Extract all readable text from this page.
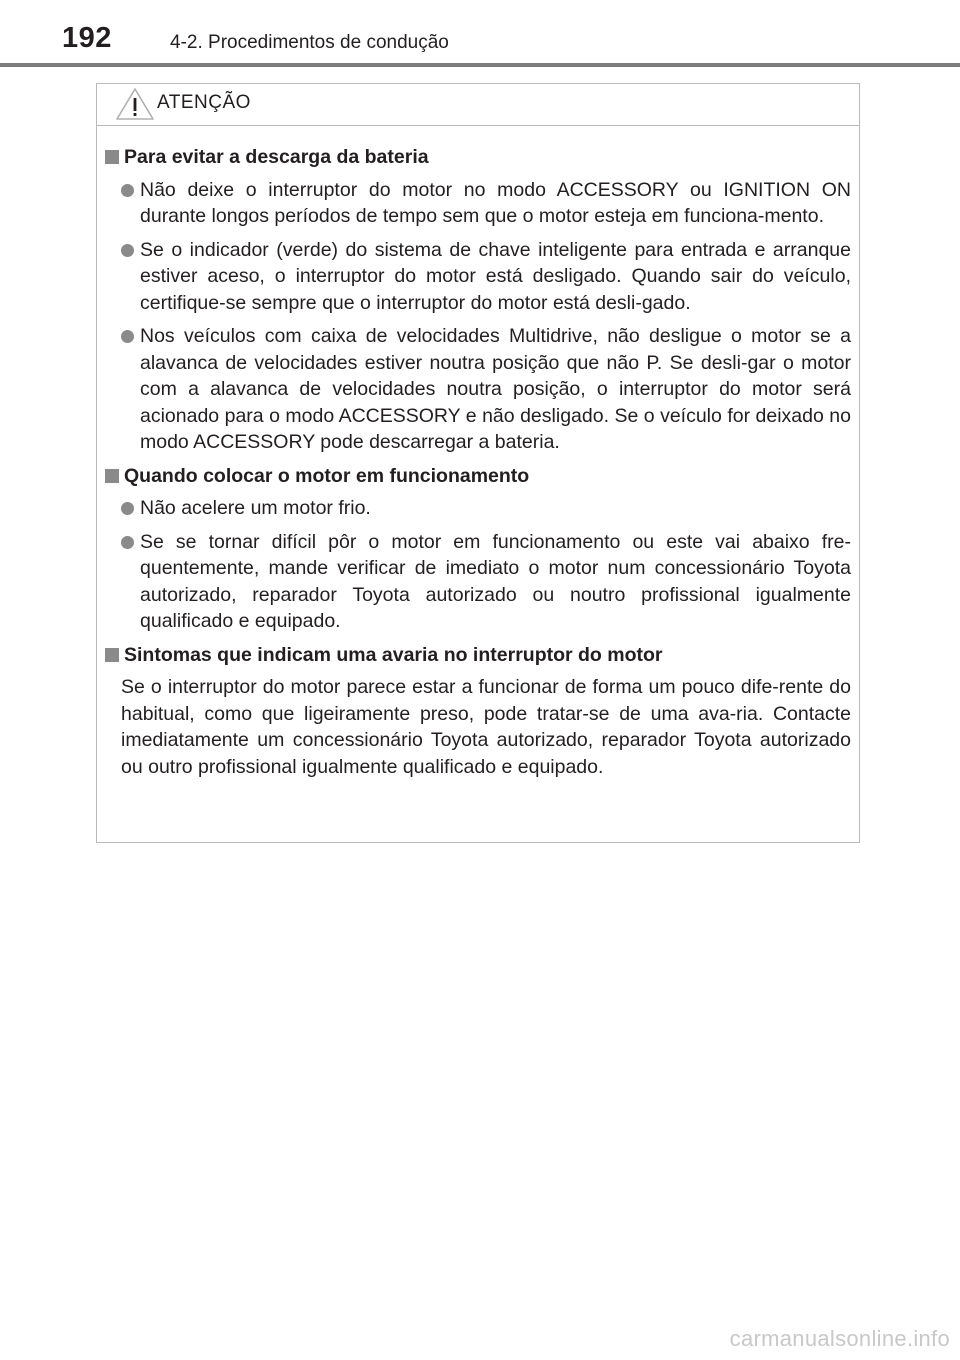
192	4-2. Procedimentos de condução
ATENÇÃO
Para evitar a descarga da bateria
Não deixe o interruptor do motor no modo ACCESSORY ou IGNITION ON durante longos períodos de tempo sem que o motor esteja em funciona-mento.
Se o indicador (verde) do sistema de chave inteligente para entrada e arranque estiver aceso, o interruptor do motor está desligado. Quando sair do veículo, certifique-se sempre que o interruptor do motor está desli-gado.
Nos veículos com caixa de velocidades Multidrive, não desligue o motor se a alavanca de velocidades estiver noutra posição que não P. Se desli-gar o motor com a alavanca de velocidades noutra posição, o interruptor do motor será acionado para o modo ACCESSORY e não desligado. Se o veículo for deixado no modo ACCESSORY pode descarregar a bateria.
Quando colocar o motor em funcionamento
Não acelere um motor frio.
Se se tornar difícil pôr o motor em funcionamento ou este vai abaixo fre-quentemente, mande verificar de imediato o motor num concessionário Toyota autorizado, reparador Toyota autorizado ou noutro profissional igualmente qualificado e equipado.
Sintomas que indicam uma avaria no interruptor do motor
Se o interruptor do motor parece estar a funcionar de forma um pouco dife-rente do habitual, como que ligeiramente preso, pode tratar-se de uma ava-ria. Contacte imediatamente um concessionário Toyota autorizado, reparador Toyota autorizado ou outro profissional igualmente qualificado e equipado.
carmanualsonline.info
